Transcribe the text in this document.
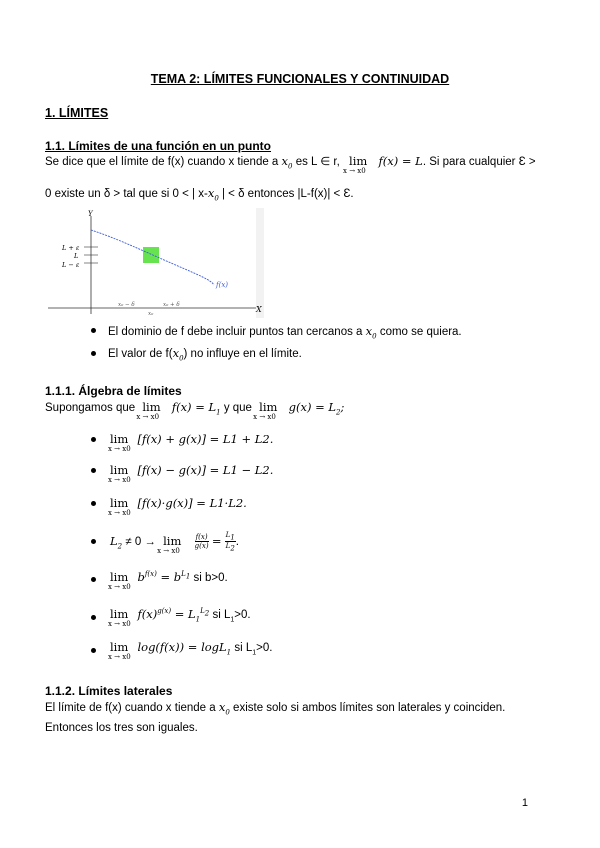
TEMA 2: LÍMITES FUNCIONALES Y CONTINUIDAD
1. LÍMITES
1.1. Límites de una función en un punto
Se dice que el límite de f(x) cuando x tiende a $x_0$ es L ∈ r, lim
x → x0
f(x) = L. Si para cualquier Ɛ >
0 existe un δ > tal que si 0 < | $x-x_0$ | < δ entonces |L-f(x)| < Ɛ.
Y
X
L + ε
L
L − ε
f(x)
x₀ − δ	x₀ + δ
x₀
El dominio de f debe incluir puntos tan cercanos a $x_0$ como se quiera.
El valor de $f(x_0)$ no influye en el límite.
1.1.1. Álgebra de límites
Supongamos que lim
x → x0
$f(x) = L_1$ y que lim
x → x0
$g(x) = L_2$;
lim
x → x0
[f(x) + g(x)] = L1 + L2.
lim
x → x0
[f(x) − g(x)] = L1 − L2.
lim
x → x0
[f(x)·g(x)] = L1·L2.
$L_2 \ne 0 \to \lim$
x → x0

$\frac{f(x)}{g(x)} = \frac{L_1}{L_2}$ .
lim
x → x0
$b^{f(x)} = b^{L_1}$ si b>0.
lim
x → x0
$f(x)^{g(x)} = L_1^{L_2}$ si $L_1>0$.
lim
x → x0
log(f(x)) = logL$_1$ si $L_1>0$.
1.1.2. Límites laterales
El límite de f(x) cuando x tiende a $x_0$ existe solo si ambos límites son laterales y coinciden.
Entonces los tres son iguales.
1
